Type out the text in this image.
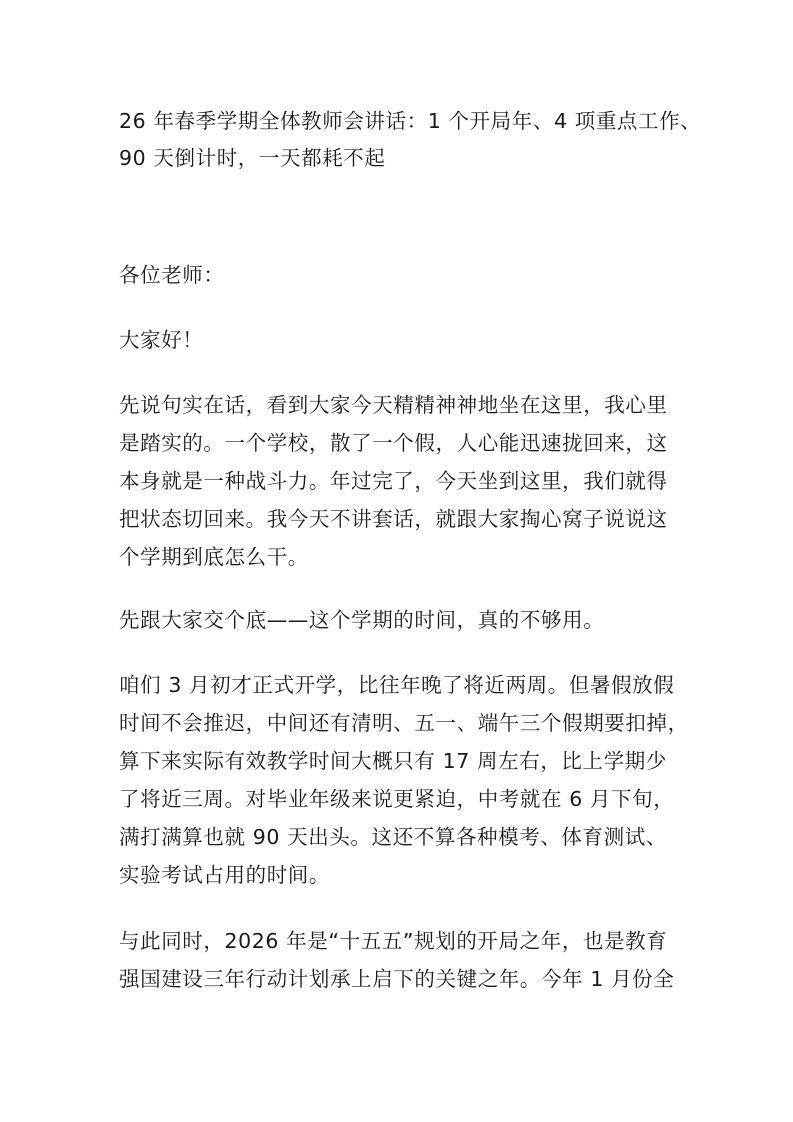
26 年春季学期全体教师会讲话：1 个开局年、4 项重点工作、
90 天倒计时，一天都耗不起
各位老师：
大家好！
先说句实在话，看到大家今天精精神神地坐在这里，我心里
是踏实的。一个学校，散了一个假，人心能迅速拢回来，这
本身就是一种战斗力。年过完了，今天坐到这里，我们就得
把状态切回来。我今天不讲套话，就跟大家掏心窝子说说这
个学期到底怎么干。
先跟大家交个底——这个学期的时间，真的不够用。
咱们 3 月初才正式开学，比往年晚了将近两周。但暑假放假
时间不会推迟，中间还有清明、五一、端午三个假期要扣掉，
算下来实际有效教学时间大概只有 17 周左右，比上学期少
了将近三周。对毕业年级来说更紧迫，中考就在 6 月下旬，
满打满算也就 90 天出头。这还不算各种模考、体育测试、
实验考试占用的时间。
与此同时，2026 年是“十五五”规划的开局之年，也是教育
强国建设三年行动计划承上启下的关键之年。今年 1 月份全
